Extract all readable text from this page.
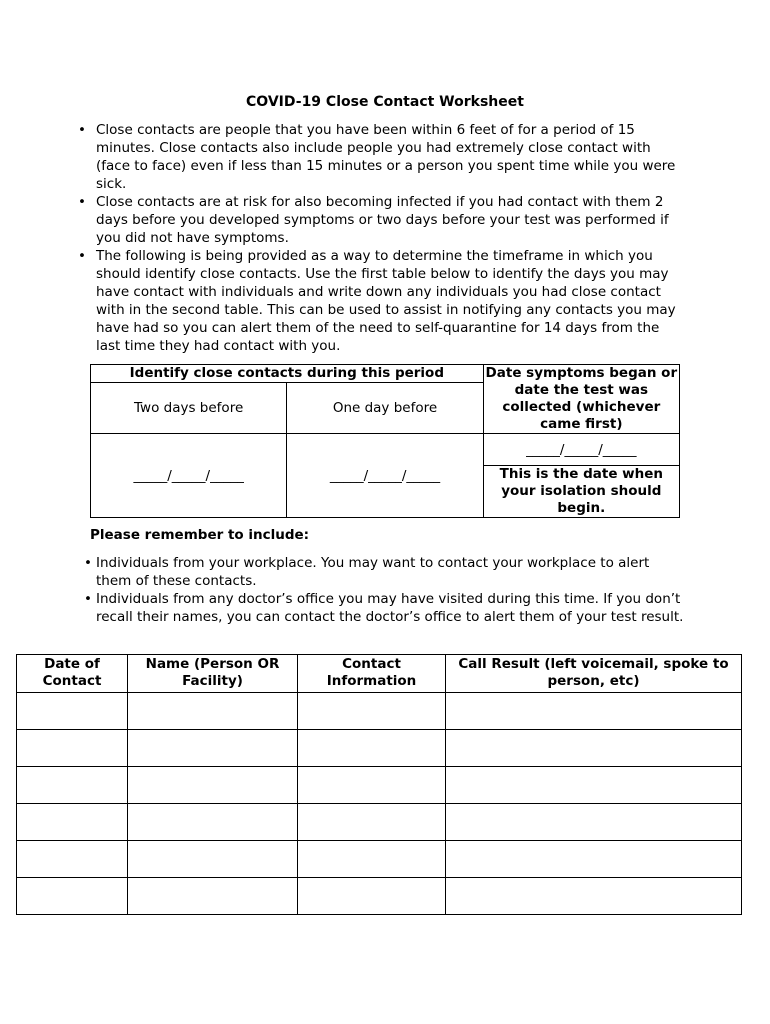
COVID-19 Close Contact Worksheet
• Close contacts are people that you have been within 6 feet of for a period of 15 minutes. Close contacts also include people you had extremely close contact with (face to face) even if less than 15 minutes or a person you spent time while you were sick.
• Close contacts are at risk for also becoming infected if you had contact with them 2 days before you developed symptoms or two days before your test was performed if you did not have symptoms.
• The following is being provided as a way to determine the timeframe in which you should identify close contacts. Use the first table below to identify the days you may have contact with individuals and write down any individuals you had close contact with in the second table. This can be used to assist in notifying any contacts you may have had so you can alert them of the need to self-quarantine for 14 days from the last time they had contact with you.
Identify close contacts during this period		Date symptoms began or date the test was collected (whichever came first)
Two days before	One day before	
_____/_____/_____	_____/_____/_____	_____/_____/_____
		This is the date when your isolation should begin.
Please remember to include:
• Individuals from your workplace. You may want to contact your workplace to alert them of these contacts.
• Individuals from any doctor’s office you may have visited during this time. If you don’t recall their names, you can contact the doctor’s office to alert them of your test result.
Date of Contact	Name (Person OR Facility)	Contact Information	Call Result (left voicemail, spoke to person, etc)
